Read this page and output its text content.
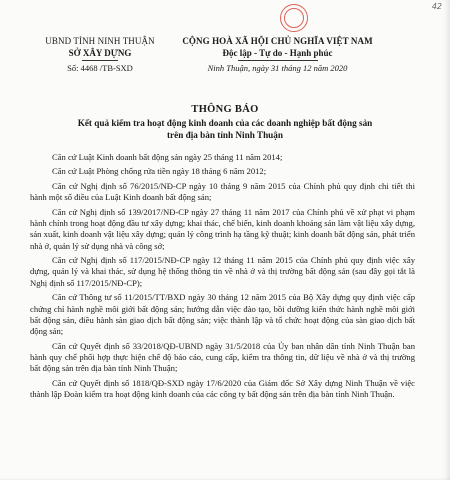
42
UBND TỈNH NINH THUẬN
SỞ XÂY DỰNG
Số: 4468 /TB-SXD
CỘNG HOÀ XÃ HỘI CHỦ NGHĨA VIỆT NAM
Độc lập - Tự do - Hạnh phúc
Ninh Thuận, ngày 31 tháng 12 năm 2020
THÔNG BÁO
Kết quả kiểm tra hoạt động kinh doanh của các doanh nghiệp bất động sản
trên địa bàn tỉnh Ninh Thuận

Căn cứ Luật Kinh doanh bất động sản ngày 25 tháng 11 năm 2014;

Căn cứ Luật Phòng chống rửa tiền ngày 18 tháng 6 năm 2012;

Căn cứ Nghị định số 76/2015/NĐ-CP ngày 10 tháng 9 năm 2015 của Chính phủ quy định chi tiết thi hành một số điều của Luật Kinh doanh bất động sản;

Căn cứ Nghị định số 139/2017/NĐ-CP ngày 27 tháng 11 năm 2017 của Chính phủ về xử phạt vi phạm hành chính trong hoạt động đầu tư xây dựng; khai thác, chế biến, kinh doanh khoáng sản làm vật liệu xây dựng, sản xuất, kinh doanh vật liệu xây dựng; quản lý công trình hạ tầng kỹ thuật; kinh doanh bất động sản, phát triển nhà ở, quản lý sử dụng nhà và công sở;

Căn cứ Nghị định số 117/2015/NĐ-CP ngày 12 tháng 11 năm 2015 của Chính phủ quy định việc xây dựng, quản lý và khai thác, sử dụng hệ thống thông tin về nhà ở và thị trường bất động sản (sau đây gọi tắt là Nghị định số 117/2015/NĐ-CP);

Căn cứ Thông tư số 11/2015/TT/BXD ngày 30 tháng 12 năm 2015 của Bộ Xây dựng quy định việc cấp chứng chỉ hành nghề môi giới bất động sản; hướng dẫn việc đào tạo, bồi dưỡng kiến thức hành nghề môi giới bất động sản, điều hành sàn giao dịch bất động sản; việc thành lập và tổ chức hoạt động của sàn giao dịch bất động sản;

Căn cứ Quyết định số 33/2018/QĐ-UBND ngày 31/5/2018 của Ủy ban nhân dân tỉnh Ninh Thuận ban hành quy chế phối hợp thực hiện chế độ báo cáo, cung cấp, kiểm tra thông tin, dữ liệu về nhà ở và thị trường bất động sản trên địa bàn tỉnh Ninh Thuận;

Căn cứ Quyết định số 1818/QĐ-SXD ngày 17/6/2020 của Giám đốc Sở Xây dựng Ninh Thuận về việc thành lập Đoàn kiểm tra hoạt động kinh doanh của các công ty bất động sản trên địa bàn tỉnh Ninh Thuận.
